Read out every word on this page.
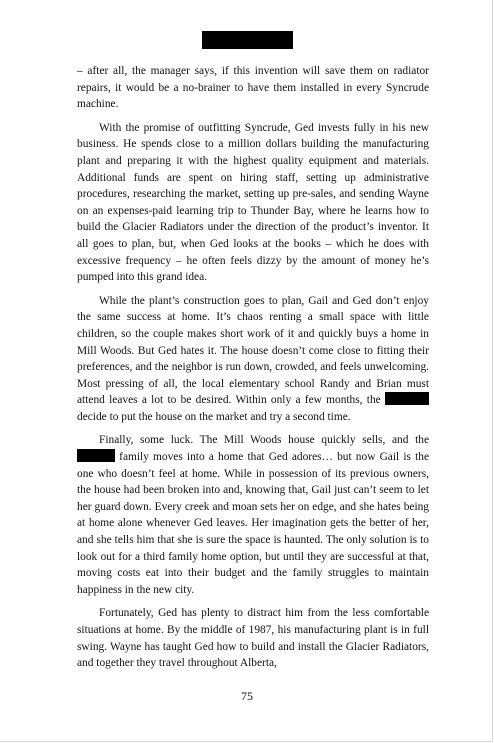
– after all, the manager says, if this invention will save them on radiator repairs, it would be a no-brainer to have them installed in every Syncrude machine.

With the promise of outfitting Syncrude, Ged invests fully in his new business. He spends close to a million dollars building the manufacturing plant and preparing it with the highest quality equipment and materials. Additional funds are spent on hiring staff, setting up administrative procedures, researching the market, setting up pre-sales, and sending Wayne on an expenses-paid learning trip to Thunder Bay, where he learns how to build the Glacier Radiators under the direction of the product’s inventor. It all goes to plan, but, when Ged looks at the books – which he does with excessive frequency – he often feels dizzy by the amount of money he’s pumped into this grand idea.

While the plant’s construction goes to plan, Gail and Ged don’t enjoy the same success at home. It’s chaos renting a small space with little children, so the couple makes short work of it and quickly buys a home in Mill Woods. But Ged hates it. The house doesn’t come close to fitting their preferences, and the neighbor is run down, crowded, and feels unwelcoming. Most pressing of all, the local elementary school Randy and Brian must attend leaves a lot to be desired. Within only a few months, the  decide to put the house on the market and try a second time.

Finally, some luck. The Mill Woods house quickly sells, and the  family moves into a home that Ged adores… but now Gail is the one who doesn’t feel at home. While in possession of its previous owners, the house had been broken into and, knowing that, Gail just can’t seem to let her guard down. Every creek and moan sets her on edge, and she hates being at home alone whenever Ged leaves. Her imagination gets the better of her, and she tells him that she is sure the space is haunted. The only solution is to look out for a third family home option, but until they are successful at that, moving costs eat into their budget and the family struggles to maintain happiness in the new city.

Fortunately, Ged has plenty to distract him from the less comfortable situations at home. By the middle of 1987, his manufacturing plant is in full swing. Wayne has taught Ged how to build and install the Glacier Radiators, and together they travel throughout Alberta,

75
